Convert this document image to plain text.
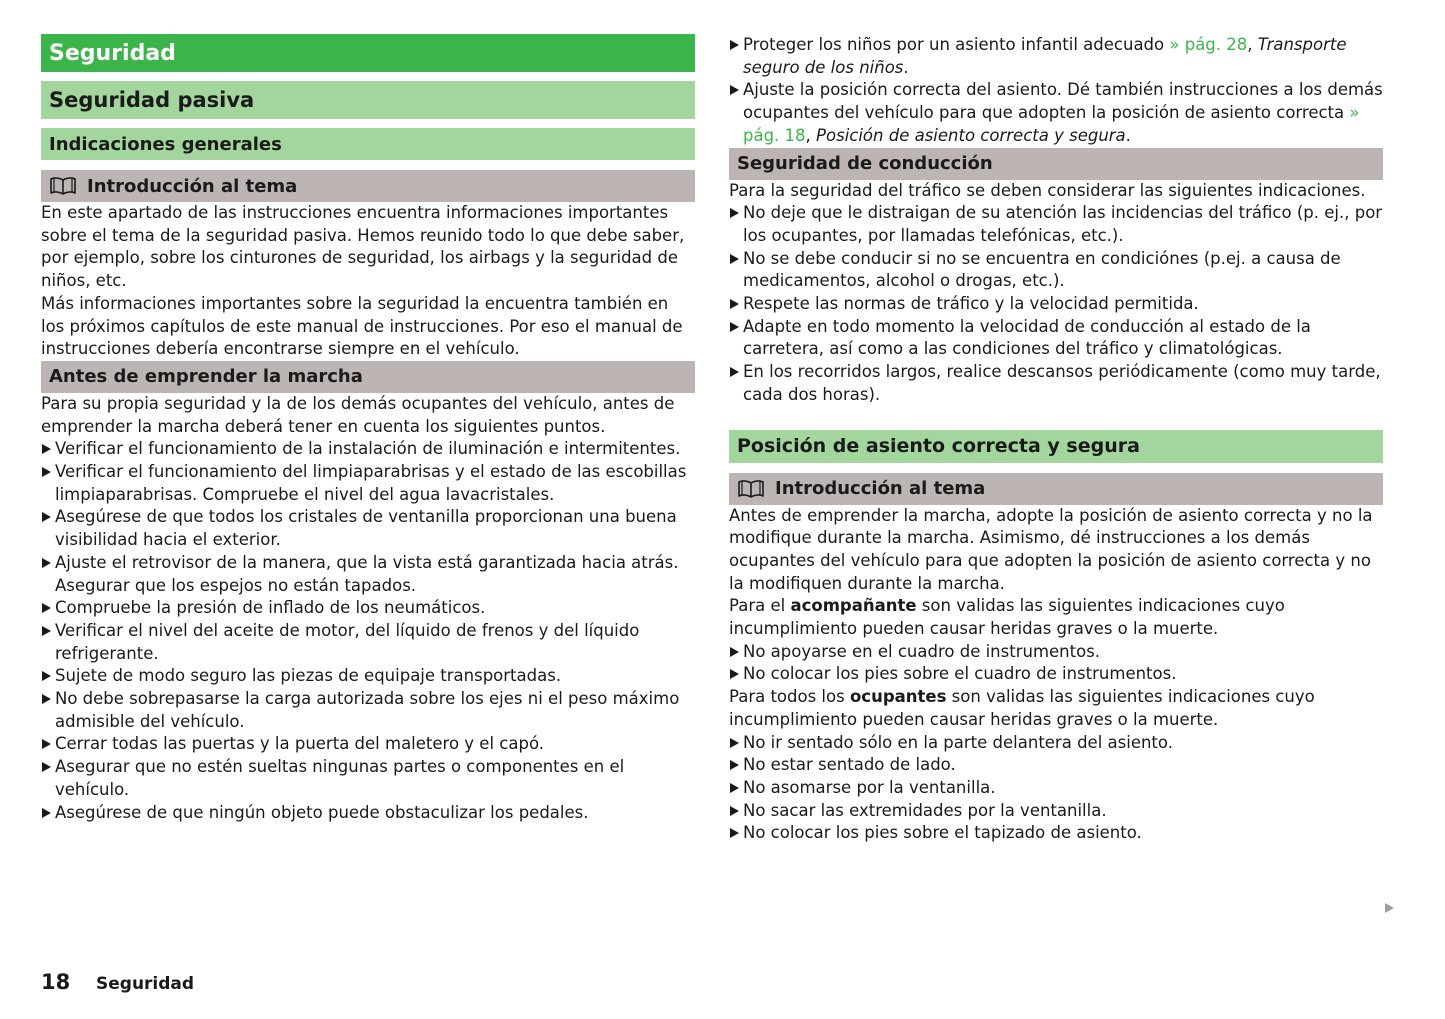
Seguridad
Seguridad pasiva
Indicaciones generales
Introducción al tema

En este apartado de las instrucciones encuentra informaciones importantes sobre el tema de la seguridad pasiva. Hemos reunido todo lo que debe saber, por ejemplo, sobre los cinturones de seguridad, los airbags y la seguridad de niños, etc.

Más informaciones importantes sobre la seguridad la encuentra también en los próximos capítulos de este manual de instrucciones. Por eso el manual de instrucciones debería encontrarse siempre en el vehículo.

Antes de emprender la marcha

Para su propia seguridad y la de los demás ocupantes del vehículo, antes de emprender la marcha deberá tener en cuenta los siguientes puntos.

Verificar el funcionamiento de la instalación de iluminación e intermitentes.
Verificar el funcionamiento del limpiaparabrisas y el estado de las escobillas limpiaparabrisas. Compruebe el nivel del agua lavacristales.
Asegúrese de que todos los cristales de ventanilla proporcionan una buena visibilidad hacia el exterior.
Ajuste el retrovisor de la manera, que la vista está garantizada hacia atrás. Asegurar que los espejos no están tapados.
Compruebe la presión de inflado de los neumáticos.
Verificar el nivel del aceite de motor, del líquido de frenos y del líquido refrigerante.
Sujete de modo seguro las piezas de equipaje transportadas.
No debe sobrepasarse la carga autorizada sobre los ejes ni el peso máximo admisible del vehículo.
Cerrar todas las puertas y la puerta del maletero y el capó.
Asegurar que no estén sueltas ningunas partes o componentes en el vehículo.
Asegúrese de que ningún objeto puede obstaculizar los pedales.
Proteger los niños por un asiento infantil adecuado » pág. 28, Transporte seguro de los niños.
Ajuste la posición correcta del asiento. Dé también instrucciones a los demás ocupantes del vehículo para que adopten la posición de asiento correcta » pág. 18, Posición de asiento correcta y segura.
Seguridad de conducción

Para la seguridad del tráfico se deben considerar las siguientes indicaciones.

No deje que le distraigan de su atención las incidencias del tráfico (p. ej., por los ocupantes, por llamadas telefónicas, etc.).
No se debe conducir si no se encuentra en condiciónes (p.ej. a causa de medicamentos, alcohol o drogas, etc.).
Respete las normas de tráfico y la velocidad permitida.
Adapte en todo momento la velocidad de conducción al estado de la carretera, así como a las condiciones del tráfico y climatológicas.
En los recorridos largos, realice descansos periódicamente (como muy tarde, cada dos horas).
Posición de asiento correcta y segura
Introducción al tema

Antes de emprender la marcha, adopte la posición de asiento correcta y no la modifique durante la marcha. Asimismo, dé instrucciones a los demás ocupantes del vehículo para que adopten la posición de asiento correcta y no la modifiquen durante la marcha.

Para el acompañante son validas las siguientes indicaciones cuyo incumplimiento pueden causar heridas graves o la muerte.

No apoyarse en el cuadro de instrumentos.
No colocar los pies sobre el cuadro de instrumentos.

Para todos los ocupantes son validas las siguientes indicaciones cuyo incumplimiento pueden causar heridas graves o la muerte.

No ir sentado sólo en la parte delantera del asiento.
No estar sentado de lado.
No asomarse por la ventanilla.
No sacar las extremidades por la ventanilla.
No colocar los pies sobre el tapizado de asiento.
18 Seguridad
